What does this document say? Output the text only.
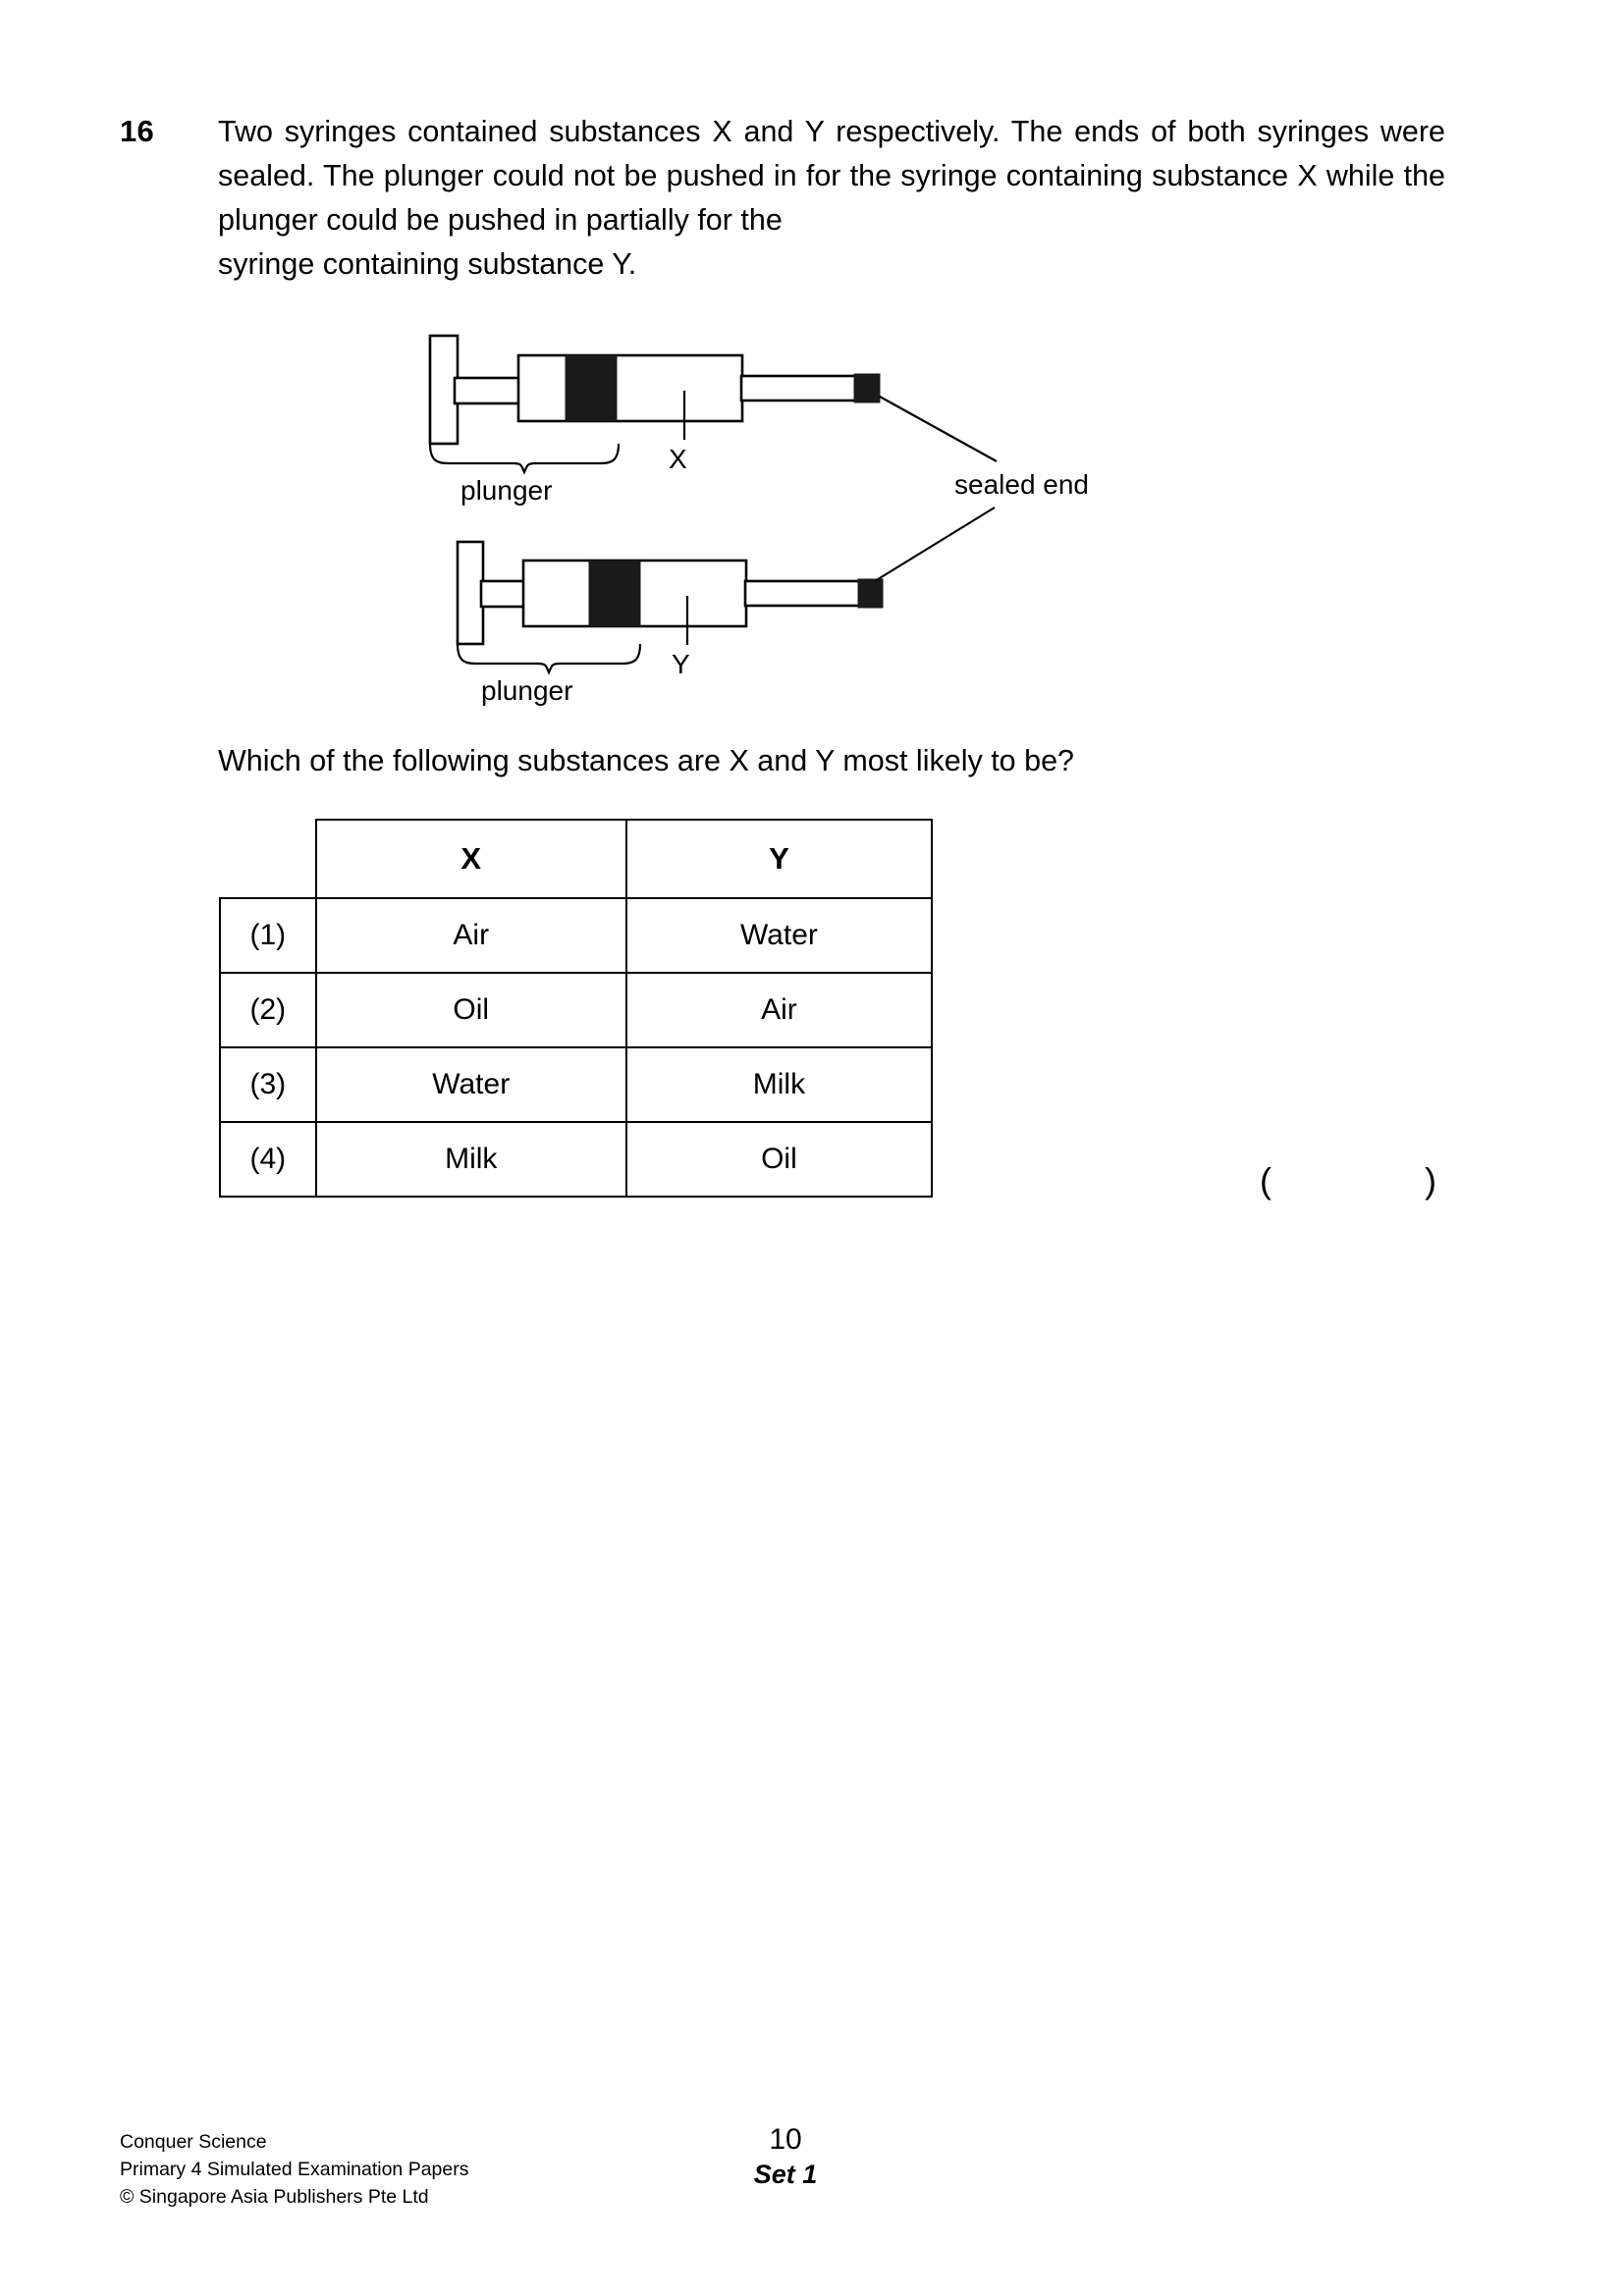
16 Two syringes contained substances X and Y respectively. The ends of both syringes were sealed. The plunger could not be pushed in for the syringe containing substance X while the plunger could be pushed in partially for the
syringe containing substance Y.
X
plunger
Y
plunger
sealed end
Which of the following substances are X and Y most likely to be?
	X	Y
(1)	Air	Water
(2)	Oil	Air
(3)	Water	Milk
(4)	Milk	Oil
(	)
Conquer Science
Primary 4 Simulated Examination Papers
© Singapore Asia Publishers Pte Ltd
10
Set 1
